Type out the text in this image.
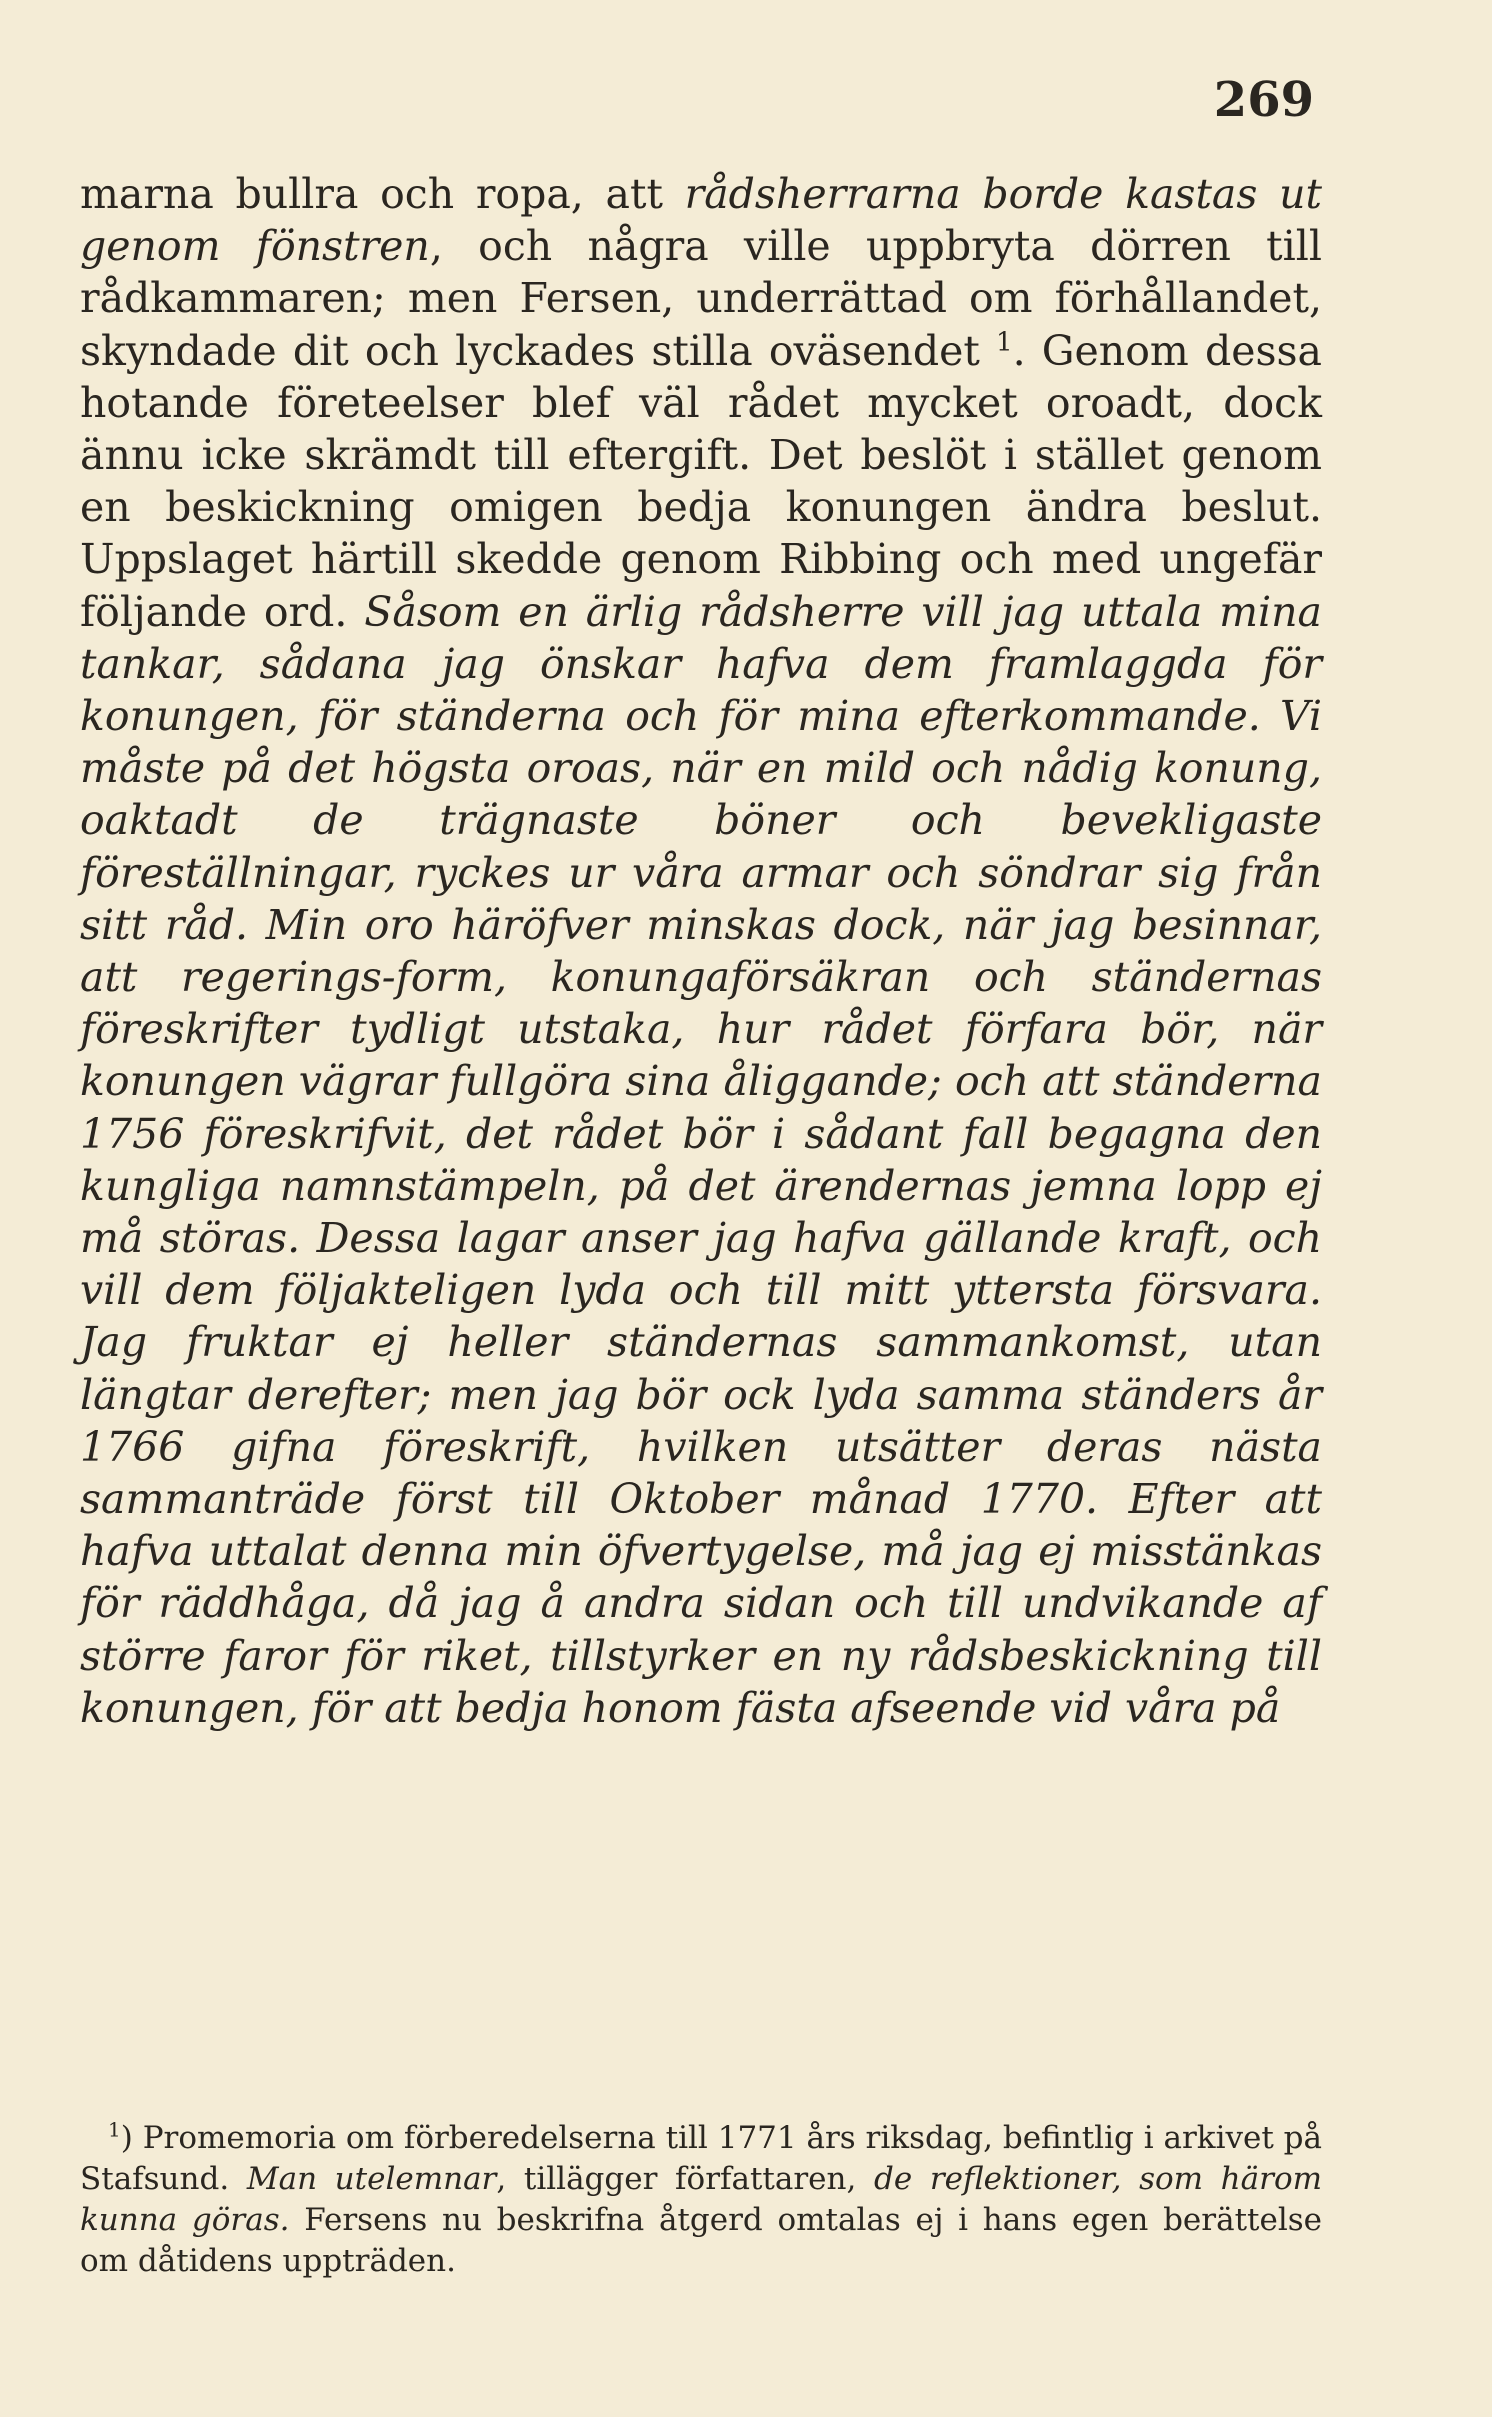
269

marna bullra och ropa, att rådsherrarna borde kastas ut genom fönstren, och några ville uppbryta dörren till rådkammaren; men Fersen, underrättad om förhållandet, skyndade dit och lyckades stilla oväsendet $^1$. Genom dessa hotande företeelser blef väl rådet mycket oroadt, dock ännu icke skrämdt till eftergift. Det beslöt i stället genom en beskickning omigen bedja konungen ändra beslut. Uppslaget härtill skedde genom Ribbing och med ungefär följande ord. Såsom en ärlig rådsherre vill jag uttala mina tankar, sådana jag önskar hafva dem framlaggda för konungen, för ständerna och för mina efterkommande. Vi måste på det högsta oroas, när en mild och nådig konung, oaktadt de trägnaste böner och bevekligaste föreställningar, ryckes ur våra armar och söndrar sig från sitt råd. Min oro häröfver minskas dock, när jag besinnar, att regerings-form, konungaförsäkran och ständernas föreskrifter tydligt utstaka, hur rådet förfara bör, när konungen vägrar fullgöra sina åliggande; och att ständerna 1756 föreskrifvit, det rådet bör i sådant fall begagna den kungliga namnstämpeln, på det ärendernas jemna lopp ej må störas. Dessa lagar anser jag hafva gällande kraft, och vill dem följakteligen lyda och till mitt yttersta försvara. Jag fruktar ej heller ständernas sammankomst, utan längtar derefter; men jag bör ock lyda samma ständers år 1766 gifna föreskrift, hvilken utsätter deras nästa sammanträde först till Oktober månad 1770. Efter att hafva uttalat denna min öfvertygelse, må jag ej misstänkas för räddhåga, då jag å andra sidan och till undvikande af större faror för riket, tillstyrker en ny rådsbeskickning till konungen, för att bedja honom fästa afseende vid våra på

$^1$) Promemoria om förberedelserna till 1771 års riksdag, befintlig i arkivet på Stafsund. Man utelemnar, tillägger författaren, de reflektioner, som härom kunna göras. Fersens nu beskrifna åtgerd omtalas ej i hans egen berättelse om dåtidens uppträden.
